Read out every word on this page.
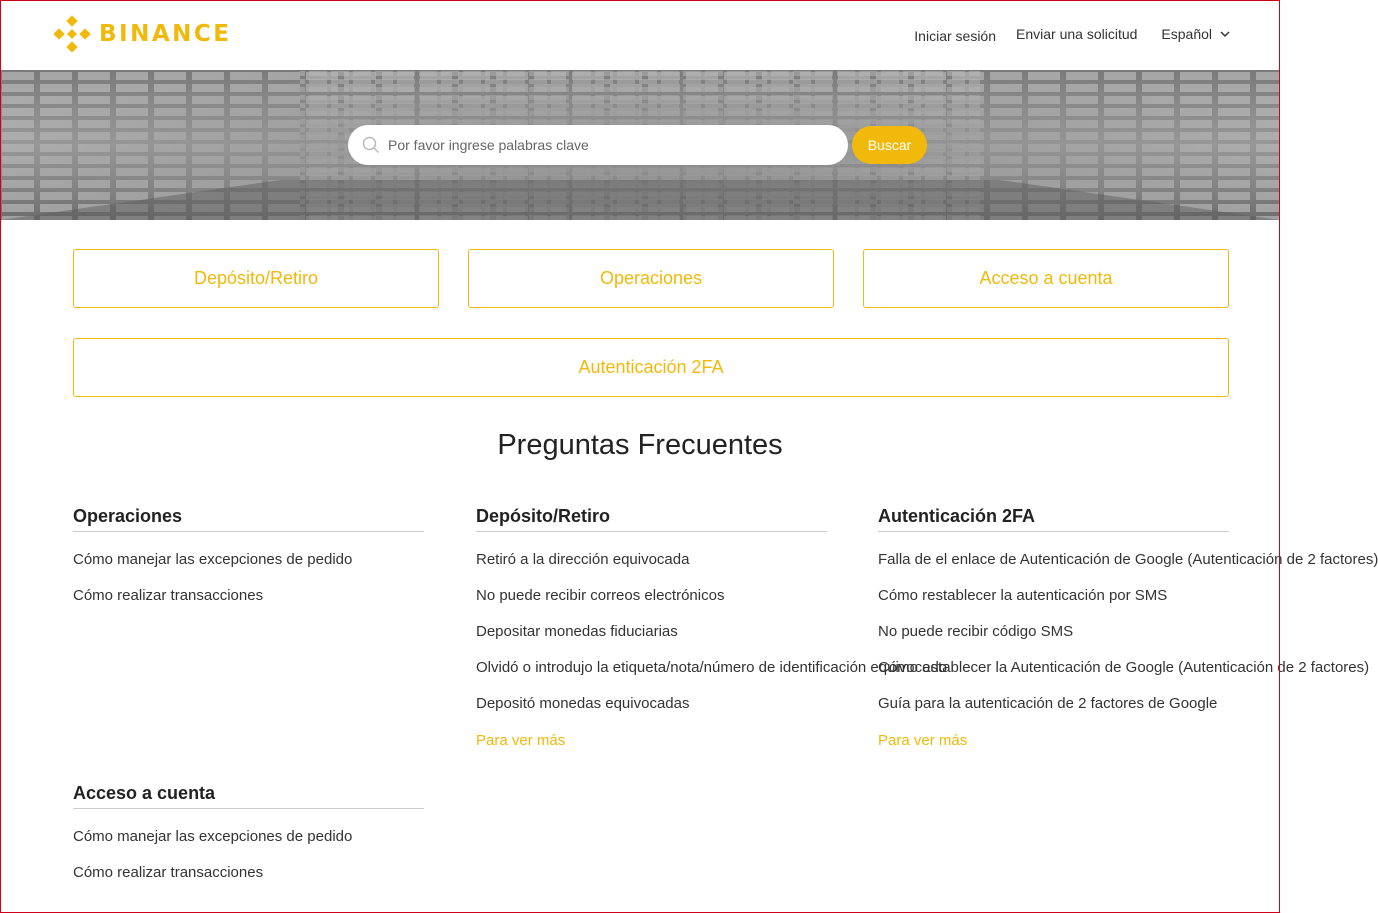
BINANCE	Iniciar sesión Enviar una solicitud Español
Por favor ingrese palabras clave
Buscar
Depósito/Retiro	Operaciones	Acceso a cuenta
Autenticación 2FA
Preguntas Frecuentes
Operaciones
Cómo manejar las excepciones de pedido
Cómo realizar transacciones
Depósito/Retiro
Retiró a la dirección equivocada
No puede recibir correos electrónicos
Depositar monedas fiduciarias
Olvidó o introdujo la etiqueta/nota/número de identificación equivocado
Depositó monedas equivocadas
Para ver más
Autenticación 2FA
Falla de el enlace de Autenticación de Google (Autenticación de 2 factores)
Cómo restablecer la autenticación por SMS
No puede recibir código SMS
Cómo establecer la Autenticación de Google (Autenticación de 2 factores)
Guía para la autenticación de 2 factores de Google
Para ver más
Acceso a cuenta
Cómo manejar las excepciones de pedido
Cómo realizar transacciones
